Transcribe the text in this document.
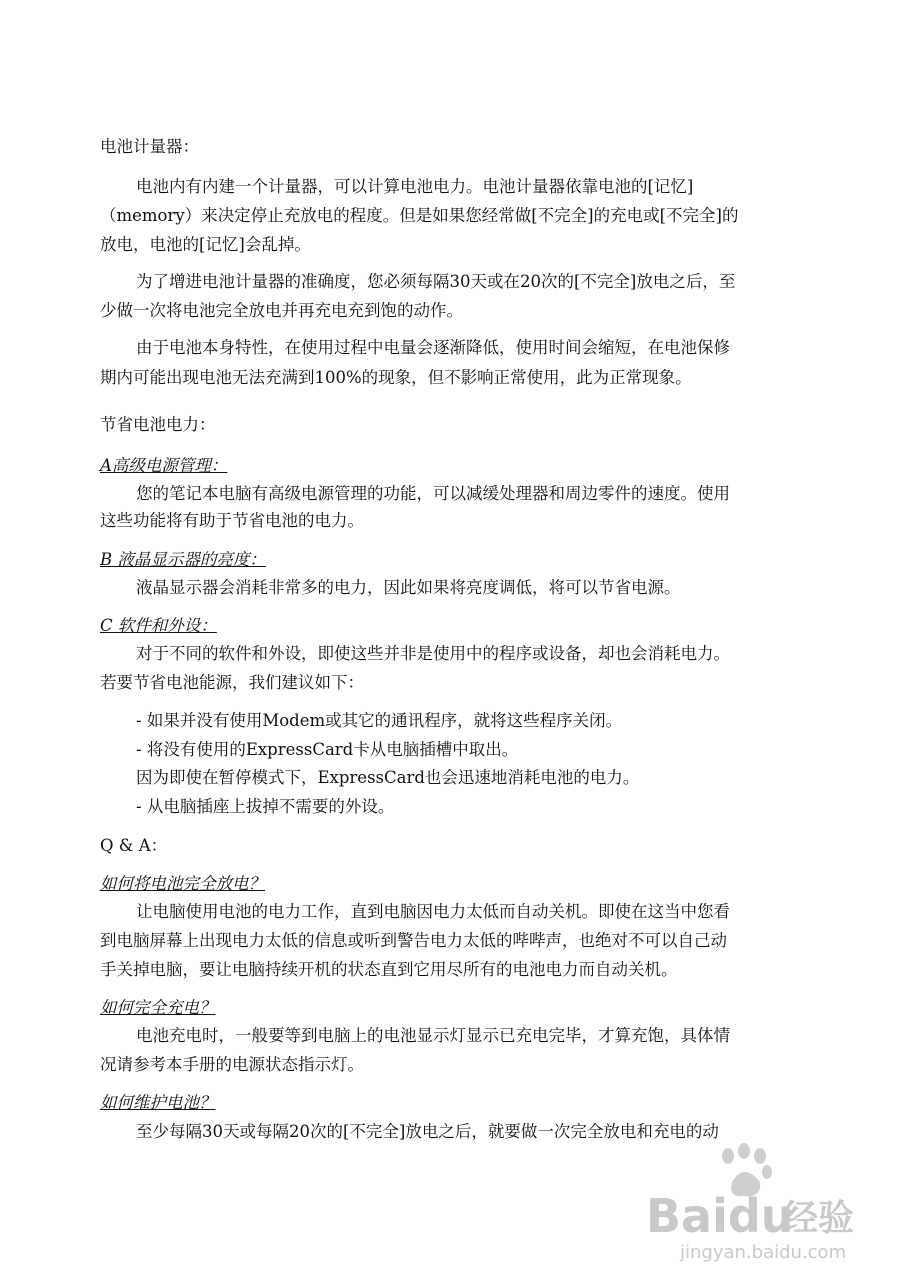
电池计量器：
电池内有内建一个计量器，可以计算电池电力。电池计量器依靠电池的[记忆]
（memory）来决定停止充放电的程度。但是如果您经常做[不完全]的充电或[不完全]的
放电，电池的[记忆]会乱掉。
为了增进电池计量器的准确度，您必须每隔30天或在20次的[不完全]放电之后，至
少做一次将电池完全放电并再充电充到饱的动作。
由于电池本身特性，在使用过程中电量会逐渐降低，使用时间会缩短，在电池保修
期内可能出现电池无法充满到100%的现象，但不影响正常使用，此为正常现象。
节省电池电力：
A高级电源管理：
您的笔记本电脑有高级电源管理的功能，可以减缓处理器和周边零件的速度。使用
这些功能将有助于节省电池的电力。
B 液晶显示器的亮度：
液晶显示器会消耗非常多的电力，因此如果将亮度调低，将可以节省电源。
C 软件和外设：
对于不同的软件和外设，即使这些并非是使用中的程序或设备，却也会消耗电力。
若要节省电池能源，我们建议如下：
- 如果并没有使用Modem或其它的通讯程序，就将这些程序关闭。
- 将没有使用的ExpressCard卡从电脑插槽中取出。
因为即使在暂停模式下，ExpressCard也会迅速地消耗电池的电力。
- 从电脑插座上拔掉不需要的外设。
Q & A：
如何将电池完全放电？
让电脑使用电池的电力工作，直到电脑因电力太低而自动关机。即使在这当中您看
到电脑屏幕上出现电力太低的信息或听到警告电力太低的哔哔声，也绝对不可以自己动
手关掉电脑，要让电脑持续开机的状态直到它用尽所有的电池电力而自动关机。
如何完全充电？
电池充电时，一般要等到电脑上的电池显示灯显示已充电完毕，才算充饱，具体情
况请参考本手册的电源状态指示灯。
如何维护电池？
至少每隔30天或每隔20次的[不完全]放电之后，就要做一次完全放电和充电的动
Baidu
经验
jingyan.baidu.com
